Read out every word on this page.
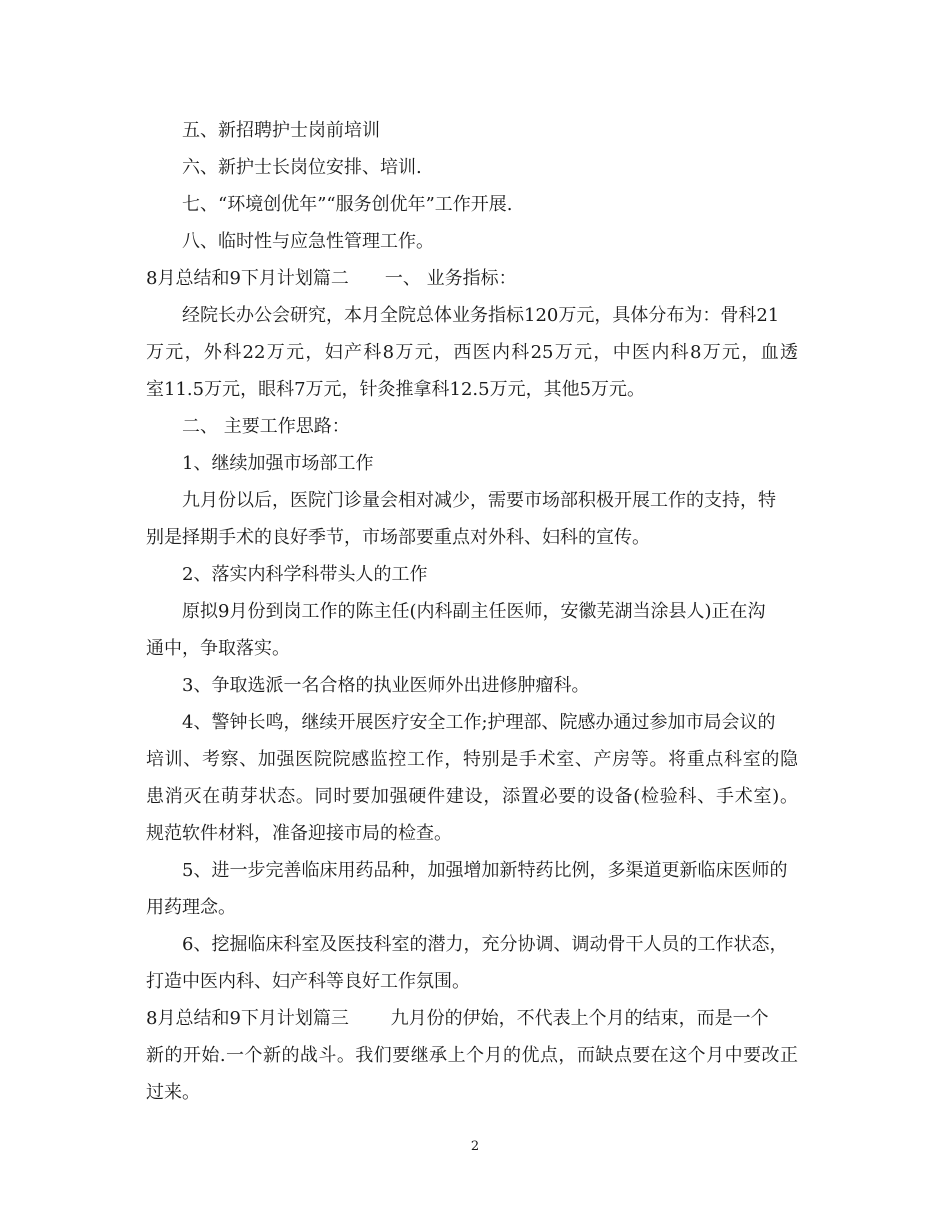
五、新招聘护士岗前培训
六、新护士长岗位安排、培训.
七、“环境创优年”“服务创优年”工作开展.
八、临时性与应急性管理工作。
8月总结和9下月计划篇二　　一、 业务指标：
经院长办公会研究，本月全院总体业务指标120万元，具体分布为：骨科21
万元，外科22万元，妇产科8万元，西医内科25万元，中医内科8万元，血透
室11.5万元，眼科7万元，针灸推拿科12.5万元，其他5万元。
二、 主要工作思路：
1、继续加强市场部工作
九月份以后，医院门诊量会相对减少，需要市场部积极开展工作的支持，特
别是择期手术的良好季节，市场部要重点对外科、妇科的宣传。
2、落实内科学科带头人的工作
原拟9月份到岗工作的陈主任(内科副主任医师，安徽芜湖当涂县人)正在沟
通中，争取落实。
3、争取选派一名合格的执业医师外出进修肿瘤科。
4、警钟长鸣，继续开展医疗安全工作;护理部、院感办通过参加市局会议的
培训、考察、加强医院院感监控工作，特别是手术室、产房等。将重点科室的隐
患消灭在萌芽状态。同时要加强硬件建设，添置必要的设备(检验科、手术室)。
规范软件材料，准备迎接市局的检查。
5、进一步完善临床用药品种，加强增加新特药比例，多渠道更新临床医师的
用药理念。
6、挖掘临床科室及医技科室的潜力，充分协调、调动骨干人员的工作状态，
打造中医内科、妇产科等良好工作氛围。
8月总结和9下月计划篇三　　 九月份的伊始，不代表上个月的结束，而是一个
新的开始.一个新的战斗。我们要继承上个月的优点，而缺点要在这个月中要改正
过来。
2
